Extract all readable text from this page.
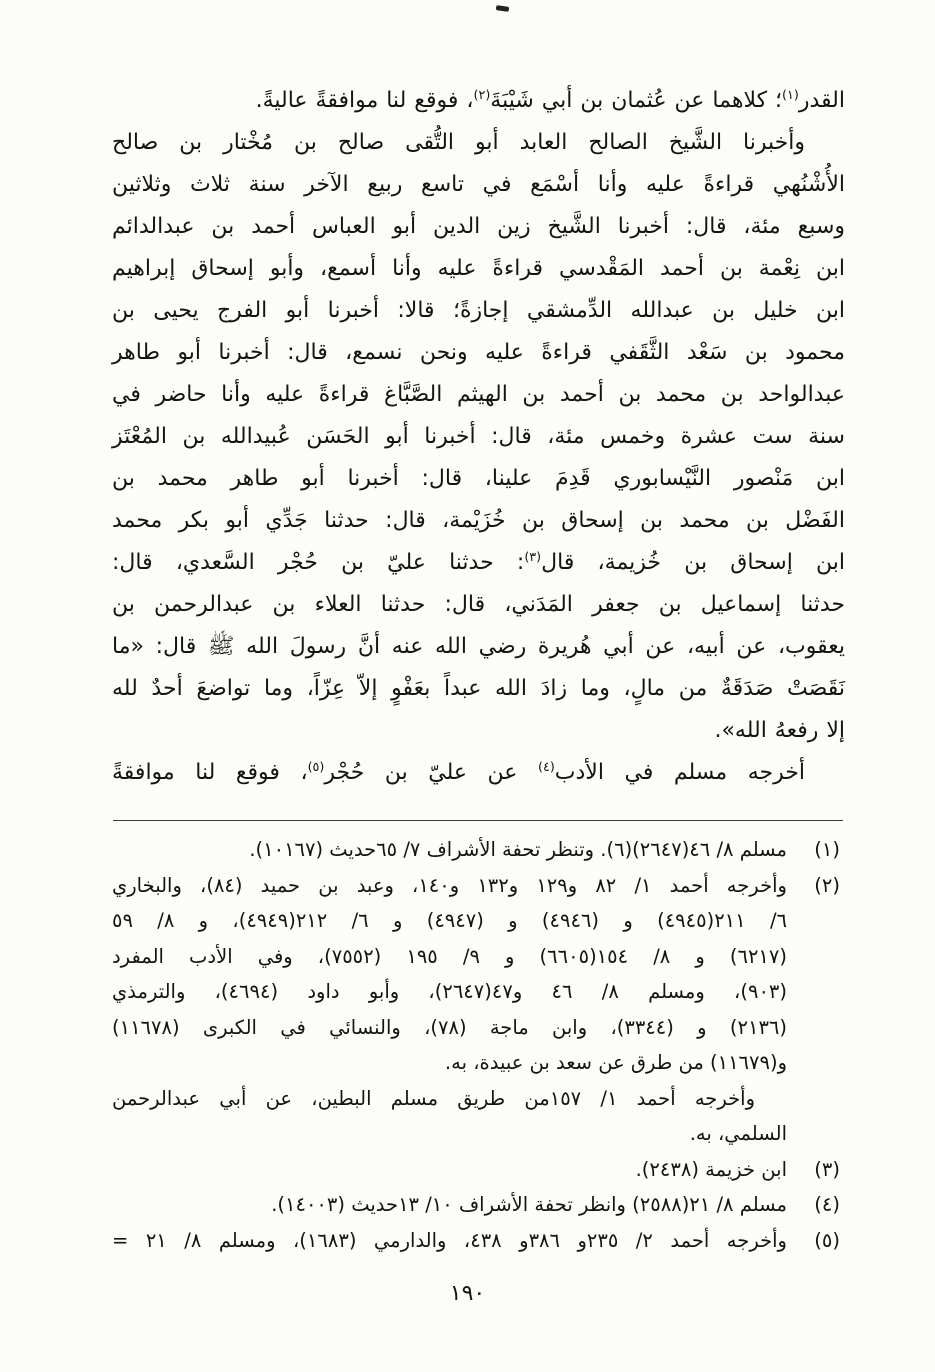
القدر$^{(١)}$؛ كلاهما عن عُثمان بن أبي شَيْبَةَ$^{(٢)}$، فوقع لنا موافقةً عاليةً.

وأخبرنا الشَّيخ الصالح العابد أبو التُّقى صالح بن مُخْتار بن صالح

الأُشْنُهي قراءةً عليه وأنا أسْمَع في تاسع ربيع الآخر سنة ثلاث وثلاثين

وسبع مئة، قال: أخبرنا الشَّيخ زين الدين أبو العباس أحمد بن عبدالدائم

ابن نِعْمة بن أحمد المَقْدسي قراءةً عليه وأنا أسمع، وأبو إسحاق إبراهيم

ابن خليل بن عبدالله الدِّمشقي إجازةً؛ قالا: أخبرنا أبو الفرج يحيى بن

محمود بن سَعْد الثَّقَفي قراءةً عليه ونحن نسمع، قال: أخبرنا أبو طاهر

عبدالواحد بن محمد بن أحمد بن الهيثم الصَّبَّاغ قراءةً عليه وأنا حاضر في

سنة ست عشرة وخمس مئة، قال: أخبرنا أبو الحَسَن عُبيدالله بن المُعْتَز

ابن مَنْصور النَّيْسابوري قَدِمَ علينا، قال: أخبرنا أبو طاهر محمد بن

الفَضْل بن محمد بن إسحاق بن خُزَيْمة، قال: حدثنا جَدِّي أبو بكر محمد

ابن إسحاق بن خُزيمة، قال$^{(٣)}$: حدثنا عليّ بن حُجْر السَّعدي، قال:

حدثنا إسماعيل بن جعفر المَدَني، قال: حدثنا العلاء بن عبدالرحمن بن

يعقوب، عن أبيه، عن أبي هُريرة رضي الله عنه أنَّ رسولَ الله ﷺ قال: «ما

نَقَصَتْ صَدَقَةٌ من مالٍ، وما زادَ الله عبداً بعَفْوٍ إلاّ عِزّاً، وما تواضعَ أحدٌ لله

إلا رفعهُ الله».

أخرجه مسلم في الأدب$^{(٤)}$ عن عليّ بن حُجْر$^{(٥)}$، فوقع لنا موافقةً

(١)
مسلم ٨/ ٤٦(٢٦٤٧)(٦). وتنظر تحفة الأشراف ٧/ ٦٥حديث (١٠١٦٧).
(٢)
وأخرجه أحمد ١/ ٨٢ و١٢٩ و١٣٢ و١٤٠، وعبد بن حميد (٨٤)، والبخاري
٦/ ٢١١(٤٩٤٥) و (٤٩٤٦) و (٤٩٤٧) و ٦/ ٢١٢(٤٩٤٩)، و ٨/ ٥٩
(٦٢١٧) و ٨/ ١٥٤(٦٦٠٥) و ٩/ ١٩٥ (٧٥٥٢)، وفي الأدب المفرد
(٩٠٣)، ومسلم ٨/ ٤٦ و٤٧(٢٦٤٧)، وأبو داود (٤٦٩٤)، والترمذي
(٢١٣٦) و (٣٣٤٤)، وابن ماجة (٧٨)، والنسائي في الكبرى (١١٦٧٨)
و(١١٦٧٩) من طرق عن سعد بن عبيدة، به.
وأخرجه أحمد ١/ ١٥٧من طريق مسلم البطين، عن أبي عبدالرحمن
السلمي، به.
(٣)
ابن خزيمة (٢٤٣٨).
(٤)
مسلم ٨/ ٢١(٢٥٨٨) وانظر تحفة الأشراف ١٠/ ١٣حديث (١٤٠٠٣).
(٥)
وأخرجه أحمد ٢/ ٢٣٥و ٣٨٦و ٤٣٨، والدارمي (١٦٨٣)، ومسلم ٨/ ٢١ =
١٩٠
